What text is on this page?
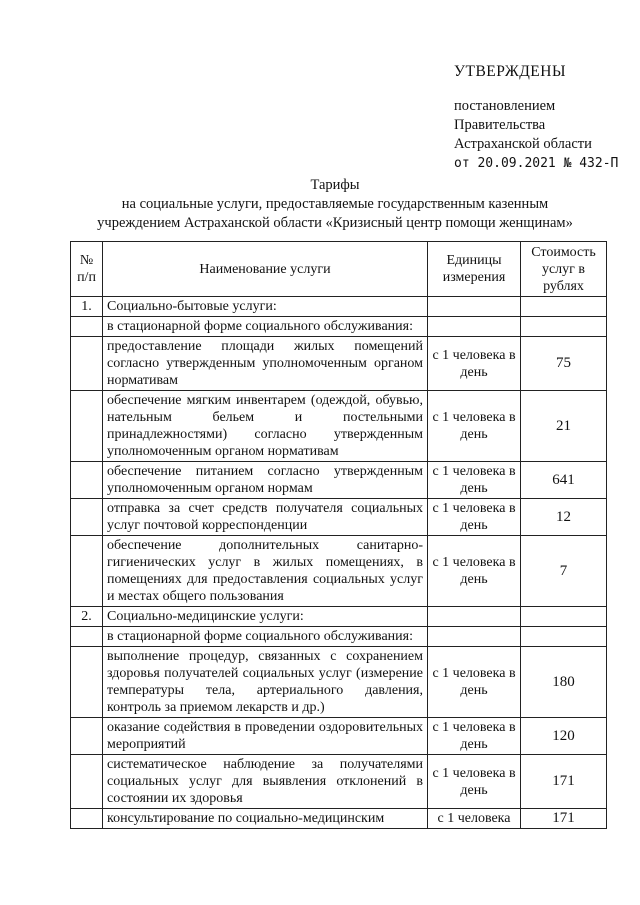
УТВЕРЖДЕНЫ
постановлением
Правительства
Астраханской области
от 20.09.2021 № 432-П
Тарифы
на социальные услуги, предоставляемые государственным казенным
учреждением Астраханской области «Кризисный центр помощи женщинам»
№ п/п	Наименование услуги	Единицы измерения	Стоимость услуг в рублях
1.	Социально-бытовые услуги:		
	в стационарной форме социального обслуживания:		
	предоставление площади жилых помещений согласно утвержденным уполномоченным органом нормативам	с 1 человека в день	75
	обеспечение мягким инвентарем (одеждой, обувью, нательным бельем и постельными принадлежностями) согласно утвержденным уполномоченным органом нормативам	с 1 человека в день	21
	обеспечение питанием согласно утвержденным уполномоченным органом нормам	с 1 человека в день	641
	отправка за счет средств получателя социальных услуг почтовой корреспонденции	с 1 человека в день	12
	обеспечение дополнительных санитарно-гигиенических услуг в жилых помещениях, в помещениях для предоставления социальных услуг и местах общего пользования	с 1 человека в день	7
2.	Социально-медицинские услуги:		
	в стационарной форме социального обслуживания:		
	выполнение процедур, связанных с сохранением здоровья получателей социальных услуг (измерение температуры тела, артериального давления, контроль за приемом лекарств и др.)	с 1 человека в день	180
	оказание содействия в проведении оздоровительных мероприятий	с 1 человека в день	120
	систематическое наблюдение за получателями социальных услуг для выявления отклонений в состоянии их здоровья	с 1 человека в день	171
	консультирование по социально-медицинским	с 1 человека	171
